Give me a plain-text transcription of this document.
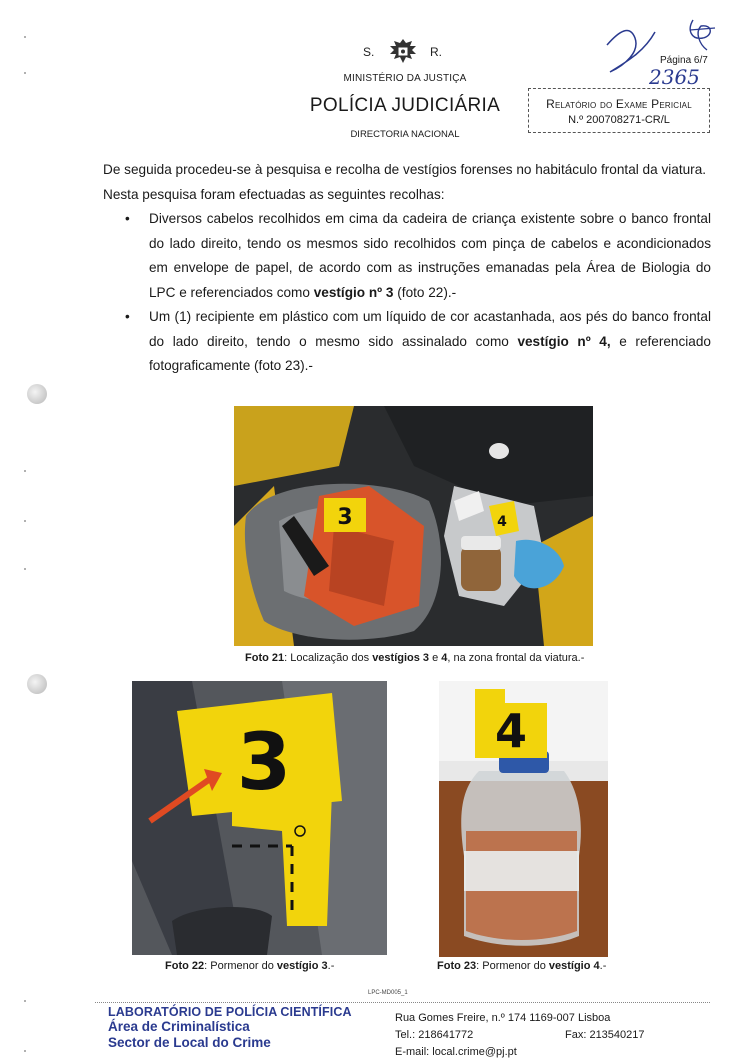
S.	R.
MINISTÉRIO DA JUSTIÇA
POLÍCIA JUDICIÁRIA
DIRECTORIA NACIONAL
Página 6/7
2365
Relatório do Exame Pericial
N.º 200708271-CR/L

De seguida procedeu-se à pesquisa e recolha de vestígios forenses no habitáculo frontal da viatura.

Nesta pesquisa foram efectuadas as seguintes recolhas:

• Diversos cabelos recolhidos em cima da cadeira de criança existente sobre o banco frontal do lado direito, tendo os mesmos sido recolhidos com pinça de cabelos e acondicionados em envelope de papel, de acordo com as instruções emanadas pela Área de Biologia do LPC e referenciados como vestígio nº 3 (foto 22).-
• Um (1) recipiente em plástico com um líquido de cor acastanhada, aos pés do banco frontal do lado direito, tendo o mesmo sido assinalado como vestígio nº 4, e referenciado fotograficamente (foto 23).-
3	4
Foto 21: Localização dos vestígios 3 e 4, na zona frontal da viatura.-
3
Foto 22: Pormenor do vestígio 3.-
4
Foto 23: Pormenor do vestígio 4.-
LPC-MD005_1
LABORATÓRIO DE POLÍCIA CIENTÍFICA
Área de Criminalística
Sector de Local do Crime
Rua Gomes Freire, n.º 174 1169-007 Lisboa
Tel.: 218641772	Fax: 213540217
E-mail: local.crime@pj.pt
